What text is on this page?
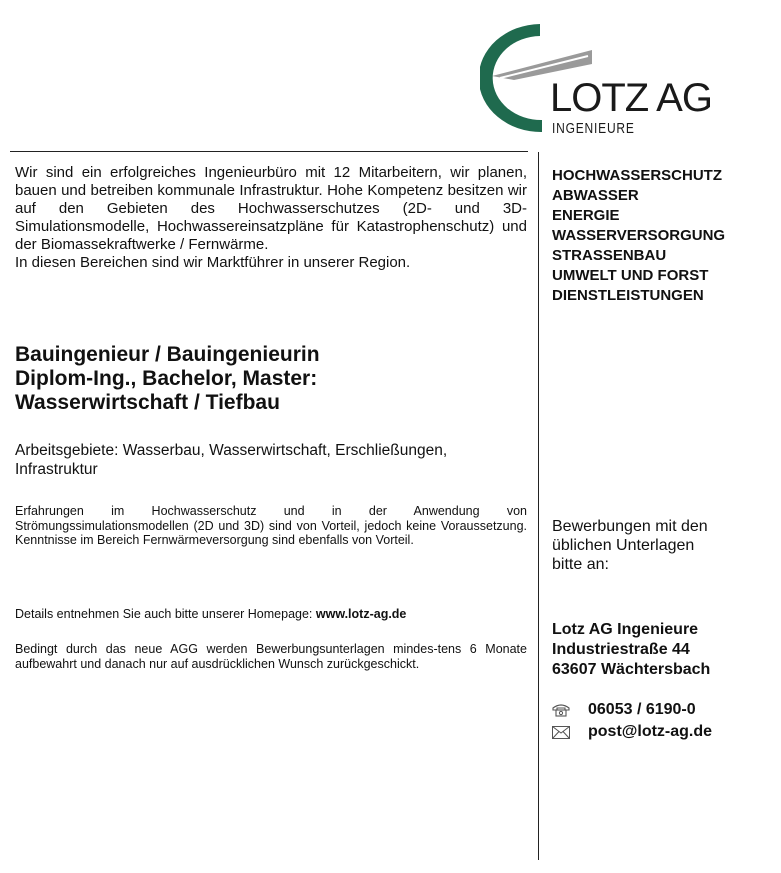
LOTZ AG
INGENIEURE
Wir sind ein erfolgreiches Ingenieurbüro mit 12 Mitarbeitern, wir planen, bauen und betreiben kommunale Infrastruktur. Hohe Kompetenz besitzen wir auf den Gebieten des Hochwasserschutzes (2D- und 3D-Simulationsmodelle, Hochwassereinsatzpläne für Katastrophenschutz) und der Biomassekraftwerke / Fernwärme.
In diesen Bereichen sind wir Marktführer in unserer Region.
Bauingenieur / Bauingenieurin
Diplom-Ing., Bachelor, Master:
Wasserwirtschaft / Tiefbau
Arbeitsgebiete: Wasserbau, Wasserwirtschaft, Erschließungen, Infrastruktur
Erfahrungen im Hochwasserschutz und in der Anwendung von Strömungssimulationsmodellen (2D und 3D) sind von Vorteil, jedoch keine Voraussetzung. Kenntnisse im Bereich Fernwärmeversorgung sind ebenfalls von Vorteil.
Details entnehmen Sie auch bitte unserer Homepage: www.lotz-ag.de
Bedingt durch das neue AGG werden Bewerbungsunterlagen mindes-tens 6 Monate aufbewahrt und danach nur auf ausdrücklichen Wunsch zurückgeschickt.
HOCHWASSERSCHUTZ
ABWASSER
ENERGIE
WASSERVERSORGUNG
STRASSENBAU
UMWELT UND FORST
DIENSTLEISTUNGEN
Bewerbungen mit den
üblichen Unterlagen
bitte an:
Lotz AG Ingenieure
Industriestraße 44
63607 Wächtersbach
06053 / 6190-0
post@lotz-ag.de
